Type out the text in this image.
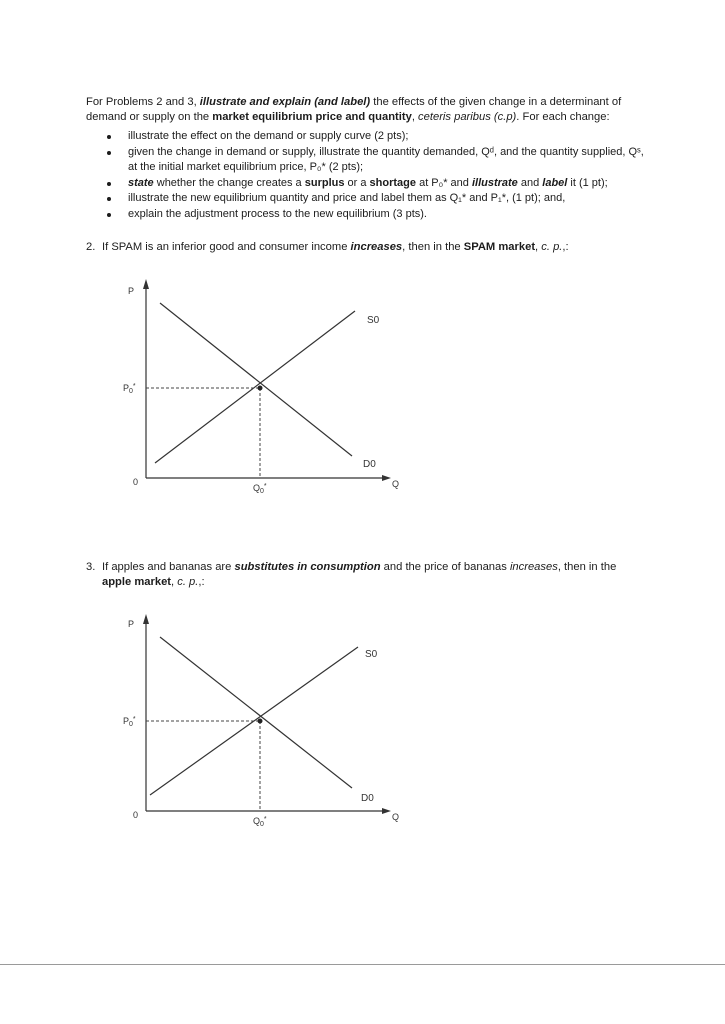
For Problems 2 and 3, illustrate and explain (and label) the effects of the given change in a determinant of demand or supply on the market equilibrium price and quantity, ceteris paribus (c.p). For each change:

illustrate the effect on the demand or supply curve (2 pts);
given the change in demand or supply, illustrate the quantity demanded, Qᵈ, and the quantity supplied, Qˢ, at the initial market equilibrium price, P₀* (2 pts);
state whether the change creates a surplus or a shortage at P₀* and illustrate and label it (1 pt);
illustrate the new equilibrium quantity and price and label them as Q₁* and P₁*, (1 pt); and,
explain the adjustment process to the new equilibrium (3 pts).
2. If SPAM is an inferior good and consumer income increases, then in the SPAM market, c. p.,:
P
0	Q
$P_0^*$
$Q_0^*$
S0
D0
3. If apples and bananas are substitutes in consumption and the price of bananas increases, then in the
apple market, c. p.,:
P
0	Q
$P_0^*$
$Q_0^*$
S0
D0
